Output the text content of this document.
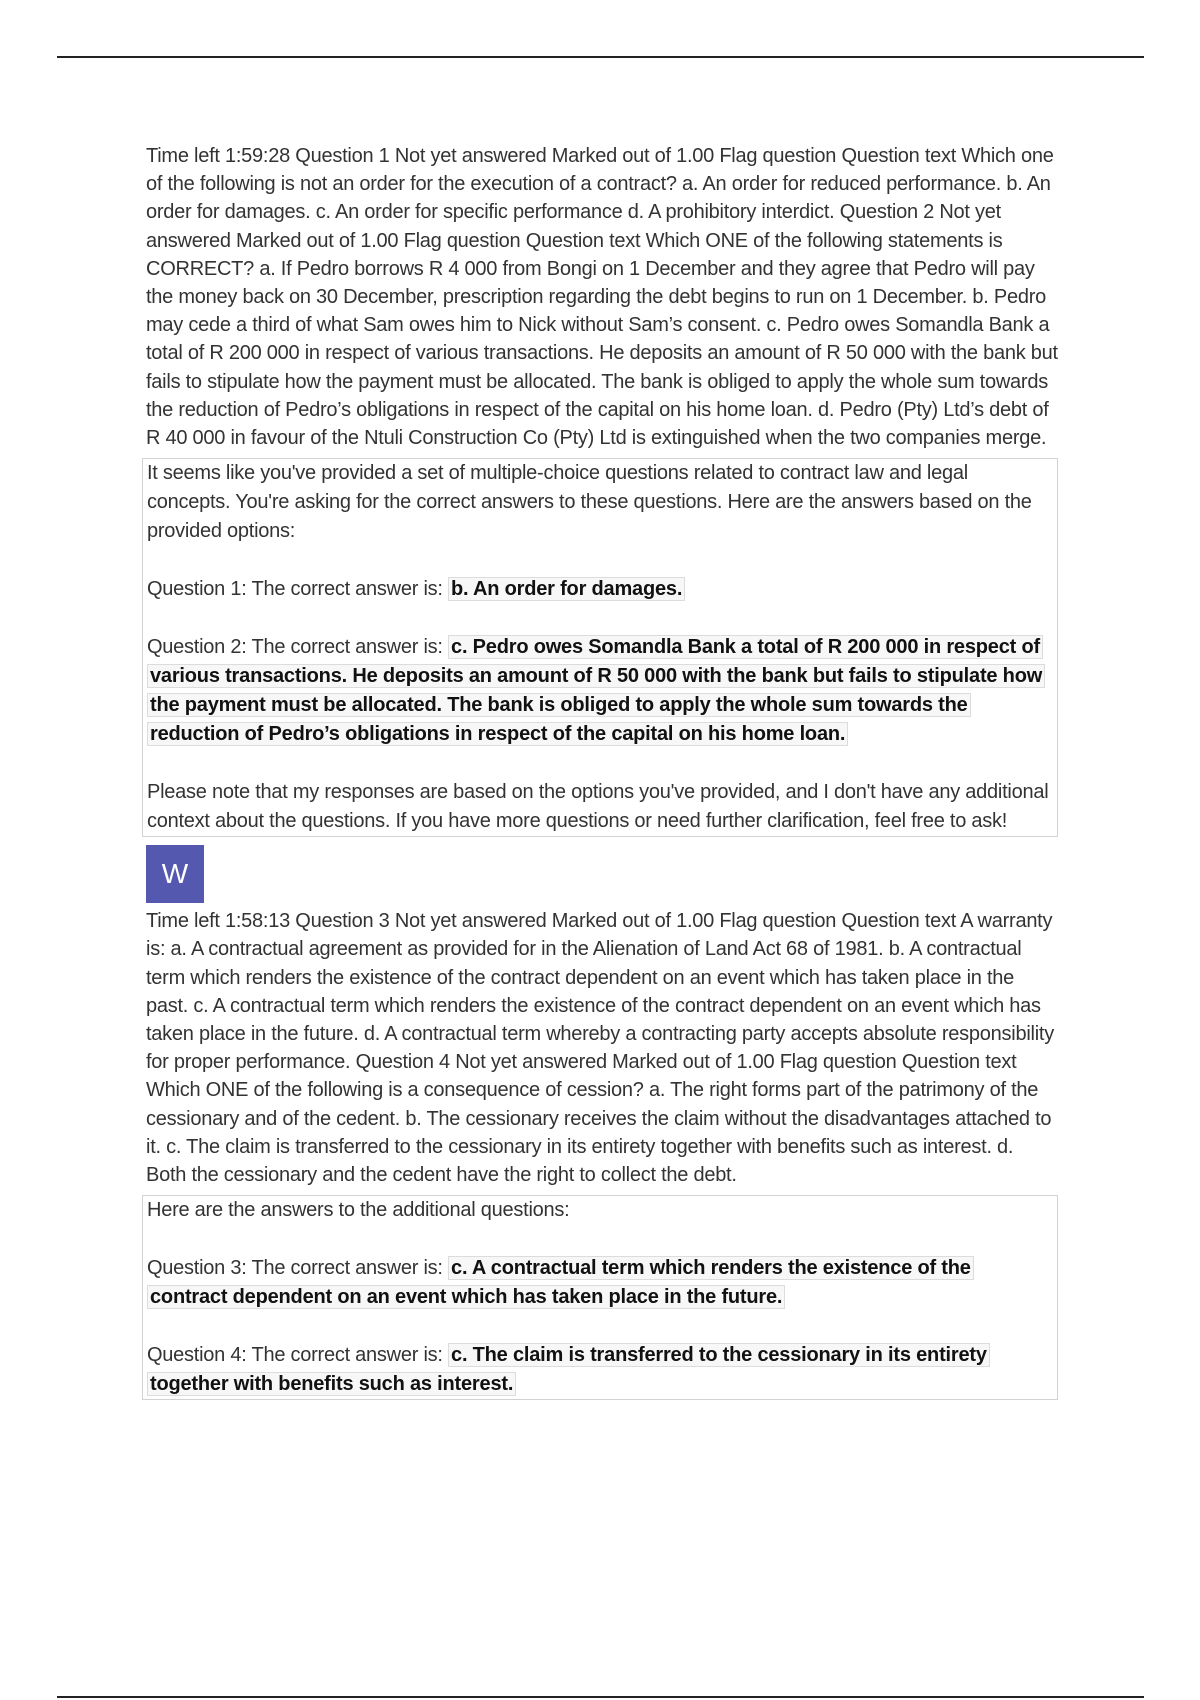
Time left 1:59:28 Question 1 Not yet answered Marked out of 1.00 Flag question Question text Which one of the following is not an order for the execution of a contract? a. An order for reduced performance. b. An order for damages. c. An order for specific performance d. A prohibitory interdict. Question 2 Not yet answered Marked out of 1.00 Flag question Question text Which ONE of the following statements is CORRECT? a. If Pedro borrows R 4 000 from Bongi on 1 December and they agree that Pedro will pay the money back on 30 December, prescription regarding the debt begins to run on 1 December. b. Pedro may cede a third of what Sam owes him to Nick without Sam’s consent. c. Pedro owes Somandla Bank a total of R 200 000 in respect of various transactions. He deposits an amount of R 50 000 with the bank but fails to stipulate how the payment must be allocated. The bank is obliged to apply the whole sum towards the reduction of Pedro’s obligations in respect of the capital on his home loan. d. Pedro (Pty) Ltd’s debt of R 40 000 in favour of the Ntuli Construction Co (Pty) Ltd is extinguished when the two companies merge.

It seems like you've provided a set of multiple-choice questions related to contract law and legal concepts. You're asking for the correct answers to these questions. Here are the answers based on the provided options:

Question 1: The correct answer is: b. An order for damages.

Question 2: The correct answer is: c. Pedro owes Somandla Bank a total of R 200 000 in respect of various transactions. He deposits an amount of R 50 000 with the bank but fails to stipulate how the payment must be allocated. The bank is obliged to apply the whole sum towards the reduction of Pedro’s obligations in respect of the capital on his home loan.

Please note that my responses are based on the options you've provided, and I don't have any additional context about the questions. If you have more questions or need further clarification, feel free to ask!

W

Time left 1:58:13 Question 3 Not yet answered Marked out of 1.00 Flag question Question text A warranty is: a. A contractual agreement as provided for in the Alienation of Land Act 68 of 1981. b. A contractual term which renders the existence of the contract dependent on an event which has taken place in the past. c. A contractual term which renders the existence of the contract dependent on an event which has taken place in the future. d. A contractual term whereby a contracting party accepts absolute responsibility for proper performance. Question 4 Not yet answered Marked out of 1.00 Flag question Question text Which ONE of the following is a consequence of cession? a. The right forms part of the patrimony of the cessionary and of the cedent. b. The cessionary receives the claim without the disadvantages attached to it. c. The claim is transferred to the cessionary in its entirety together with benefits such as interest. d. Both the cessionary and the cedent have the right to collect the debt.

Here are the answers to the additional questions:

Question 3: The correct answer is: c. A contractual term which renders the existence of the contract dependent on an event which has taken place in the future.

Question 4: The correct answer is: c. The claim is transferred to the cessionary in its entirety together with benefits such as interest.
